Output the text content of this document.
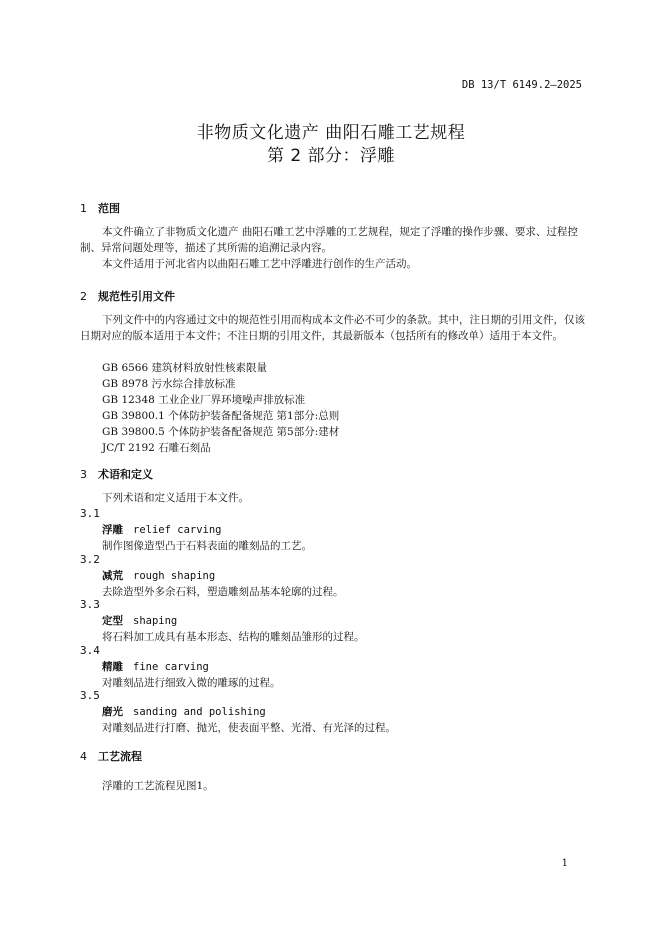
DB 13/T 6149.2—2025
非物质文化遗产 曲阳石雕工艺规程
第 2 部分：浮雕
1 范围
本文件确立了非物质文化遗产 曲阳石雕工艺中浮雕的工艺规程，规定了浮雕的操作步骤、要求、过程控制、异常问题处理等，描述了其所需的追溯记录内容。
本文件适用于河北省内以曲阳石雕工艺中浮雕进行创作的生产活动。
2 规范性引用文件
下列文件中的内容通过文中的规范性引用而构成本文件必不可少的条款。其中，注日期的引用文件，仅该日期对应的版本适用于本文件；不注日期的引用文件，其最新版本（包括所有的修改单）适用于本文件。
GB 6566 建筑材料放射性核素限量
GB 8978 污水综合排放标准
GB 12348 工业企业厂界环境噪声排放标准
GB 39800.1 个体防护装备配备规范 第1部分:总则
GB 39800.5 个体防护装备配备规范 第5部分:建材
JC/T 2192 石雕石刻品
3 术语和定义
下列术语和定义适用于本文件。
3.1
浮雕 relief carving
制作图像造型凸于石料表面的雕刻品的工艺。
3.2
减荒 rough shaping
去除造型外多余石料，塑造雕刻品基本轮廓的过程。
3.3
定型 shaping
将石料加工成具有基本形态、结构的雕刻品雏形的过程。
3.4
精雕 fine carving
对雕刻品进行细致入微的雕琢的过程。
3.5
磨光 sanding and polishing
对雕刻品进行打磨、抛光，使表面平整、光滑、有光泽的过程。
4 工艺流程
浮雕的工艺流程见图1。
1
